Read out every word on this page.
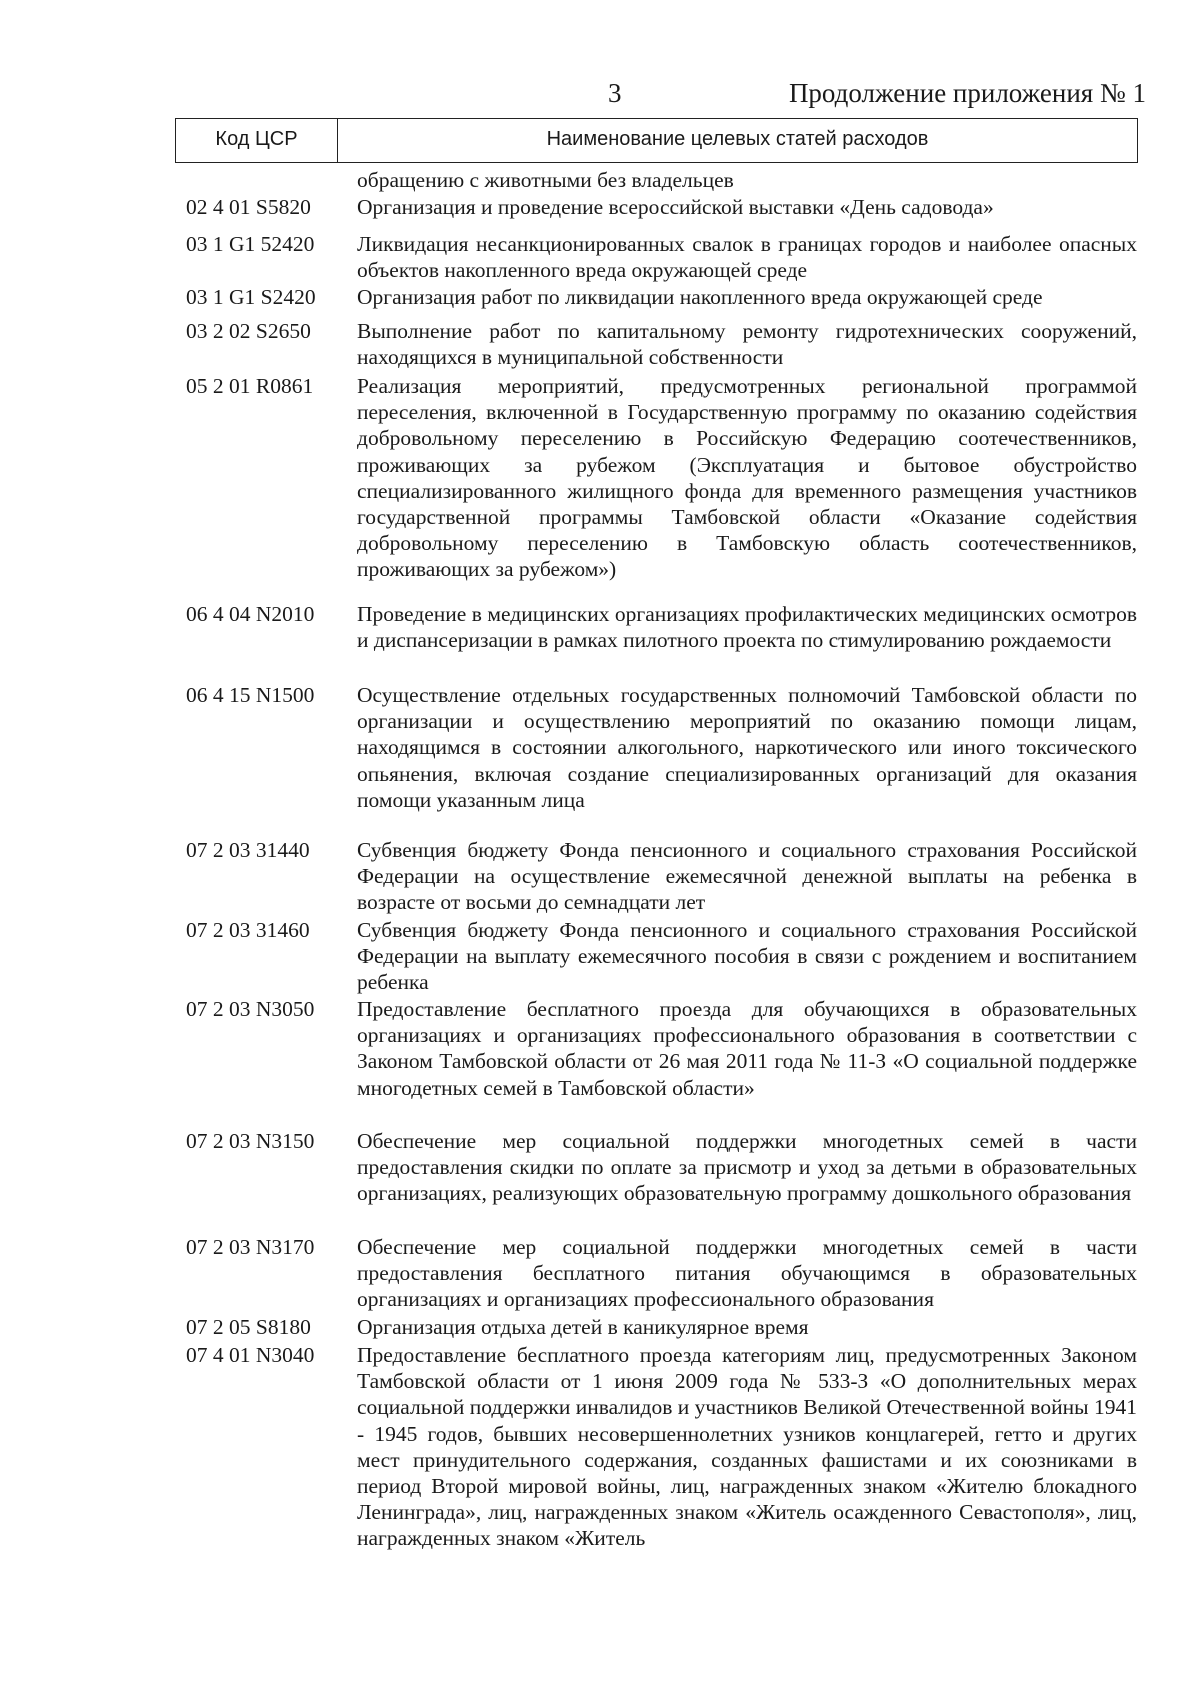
3	Продолжение приложения № 1
Код ЦСР	Наименование целевых статей расходов
обращению с животными без владельцев
02 4 01 S5820 Организация и проведение всероссийской выставки «День садовода»
03 1 G1 52420 Ликвидация несанкционированных свалок в границах городов и наиболее опасных объектов накопленного вреда окружающей среде
03 1 G1 S2420 Организация работ по ликвидации накопленного вреда окружающей среде
03 2 02 S2650 Выполнение работ по капитальному ремонту гидротехнических сооружений, находящихся в муниципальной собственности
05 2 01 R0861 Реализация мероприятий, предусмотренных региональной программой переселения, включенной в Государственную программу по оказанию содействия добровольному переселению в Российскую Федерацию соотечественников, проживающих за рубежом (Эксплуатация и бытовое обустройство специализированного жилищного фонда для временного размещения участников государственной программы Тамбовской области «Оказание содействия добровольному переселению в Тамбовскую область соотечественников, проживающих за рубежом»)
06 4 04 N2010 Проведение в медицинских организациях профилактических медицинских осмотров и диспансеризации в рамках пилотного проекта по стимулированию рождаемости
06 4 15 N1500 Осуществление отдельных государственных полномочий Тамбовской области по организации и осуществлению мероприятий по оказанию помощи лицам, находящимся в состоянии алкогольного, наркотического или иного токсического опьянения, включая создание специализированных организаций для оказания помощи указанным лица
07 2 03 31440 Субвенция бюджету Фонда пенсионного и социального страхования Российской Федерации на осуществление ежемесячной денежной выплаты на ребенка в возрасте от восьми до семнадцати лет
07 2 03 31460 Субвенция бюджету Фонда пенсионного и социального страхования Российской Федерации на выплату ежемесячного пособия в связи с рождением и воспитанием ребенка
07 2 03 N3050 Предоставление бесплатного проезда для обучающихся в образовательных организациях и организациях профессионального образования в соответствии с Законом Тамбовской области от 26 мая 2011 года № 11-З «О социальной поддержке многодетных семей в Тамбовской области»
07 2 03 N3150 Обеспечение мер социальной поддержки многодетных семей в части предоставления скидки по оплате за присмотр и уход за детьми в образовательных организациях, реализующих образовательную программу дошкольного образования
07 2 03 N3170 Обеспечение мер социальной поддержки многодетных семей в части предоставления бесплатного питания обучающимся в образовательных организациях и организациях профессионального образования
07 2 05 S8180 Организация отдыха детей в каникулярное время
07 4 01 N3040 Предоставление бесплатного проезда категориям лиц, предусмотренных Законом Тамбовской области от 1 июня 2009 года № 533-З «О дополнительных мерах социальной поддержки инвалидов и участников Великой Отечественной войны 1941 - 1945 годов, бывших несовершеннолетних узников концлагерей, гетто и других мест принудительного содержания, созданных фашистами и их союзниками в период Второй мировой войны, лиц, награжденных знаком «Жителю блокадного Ленинграда», лиц, награжденных знаком «Житель осажденного Севастополя», лиц, награжденных знаком «Житель
